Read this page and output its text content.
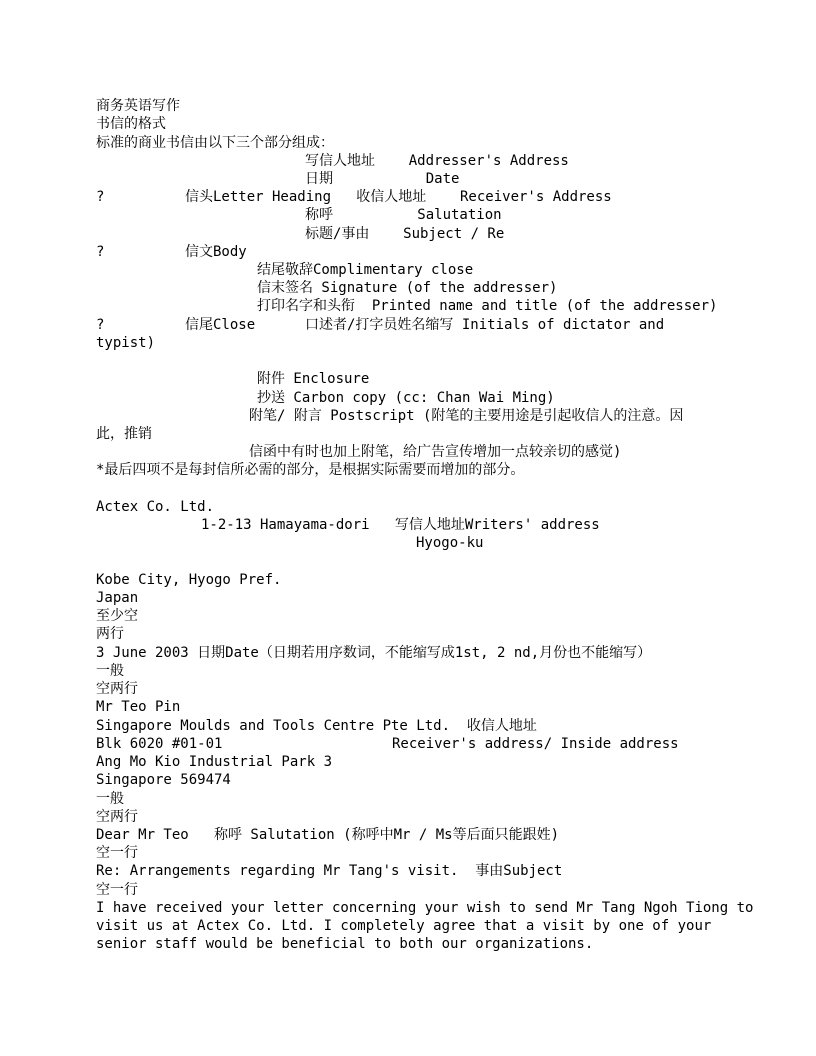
商务英语写作
书信的格式
标准的商业书信由以下三个部分组成：
写信人地址    Addresser's Address
日期           Date
?	信头Letter Heading   收信人地址    Receiver's Address
称呼          Salutation
标题/事由    Subject / Re
?	信文Body
结尾敬辞Complimentary close
信末签名 Signature (of the addresser)
打印名字和头衔  Printed name and title (of the addresser)
?	信尾Close	口述者/打字员姓名缩写 Initials of dictator and
typist)
附件 Enclosure
抄送 Carbon copy (cc: Chan Wai Ming)
附笔/ 附言 Postscript (附笔的主要用途是引起收信人的注意。因
此，推销
信函中有时也加上附笔，给广告宣传增加一点较亲切的感觉)
*最后四项不是每封信所必需的部分，是根据实际需要而增加的部分。
Actex Co. Ltd.
1-2-13 Hamayama-dori   写信人地址Writers' address
Hyogo-ku
Kobe City, Hyogo Pref.
Japan
至少空
两行
3 June 2003 日期Date（日期若用序数词，不能缩写成1st, 2 nd,月份也不能缩写）
一般
空两行
Mr Teo Pin
Singapore Moulds and Tools Centre Pte Ltd.  收信人地址
Blk 6020 #01-01	Receiver's address/ Inside address
Ang Mo Kio Industrial Park 3
Singapore 569474
一般
空两行
Dear Mr Teo   称呼 Salutation (称呼中Mr / Ms等后面只能跟姓)
空一行
Re: Arrangements regarding Mr Tang's visit.  事由Subject
空一行
I have received your letter concerning your wish to send Mr Tang Ngoh Tiong to
visit us at Actex Co. Ltd. I completely agree that a visit by one of your
senior staff would be beneficial to both our organizations.
